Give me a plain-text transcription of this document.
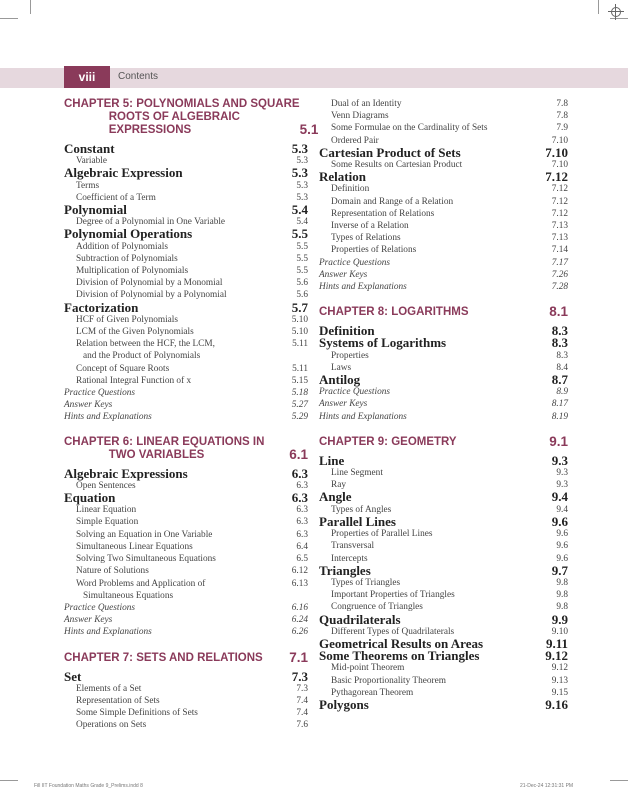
viii	Contents
CHAPTER 5: POLYNOMIALS AND SQUARE
ROOTS OF ALGEBRAIC
EXPRESSIONS	5.1
Constant	5.3
Variable	5.3
Algebraic Expression	5.3
Terms	5.3
Coefficient of a Term	5.3
Polynomial	5.4
Degree of a Polynomial in One Variable	5.4
Polynomial Operations	5.5
Addition of Polynomials	5.5
Subtraction of Polynomials	5.5
Multiplication of Polynomials	5.5
Division of Polynomial by a Monomial	5.6
Division of Polynomial by a Polynomial	5.6
Factorization	5.7
HCF of Given Polynomials	5.10
LCM of the Given Polynomials	5.10
Relation between the HCF, the LCM,
and the Product of Polynomials
5.11
Concept of Square Roots	5.11
Rational Integral Function of x	5.15
Practice Questions	5.18
Answer Keys	5.27
Hints and Explanations	5.29
CHAPTER 6: LINEAR EQUATIONS IN
TWO VARIABLES	6.1
Algebraic Expressions	6.3
Open Sentences	6.3
Equation	6.3
Linear Equation	6.3
Simple Equation	6.3
Solving an Equation in One Variable	6.3
Simultaneous Linear Equations	6.4
Solving Two Simultaneous Equations	6.5
Nature of Solutions	6.12
Word Problems and Application of
Simultaneous Equations
6.13
Practice Questions	6.16
Answer Keys	6.24
Hints and Explanations	6.26
CHAPTER 7: SETS AND RELATIONS 7.1
Set	7.3
Elements of a Set	7.3
Representation of Sets	7.4
Some Simple Definitions of Sets	7.4
Operations on Sets	7.6
Dual of an Identity	7.8
Venn Diagrams	7.8
Some Formulae on the Cardinality of Sets	7.9
Ordered Pair	7.10
Cartesian Product of Sets	7.10
Some Results on Cartesian Product	7.10
Relation	7.12
Definition	7.12
Domain and Range of a Relation	7.12
Representation of Relations	7.12
Inverse of a Relation	7.13
Types of Relations	7.13
Properties of Relations	7.14
Practice Questions	7.17
Answer Keys	7.26
Hints and Explanations	7.28
CHAPTER 8: LOGARITHMS	8.1
Definition	8.3
Systems of Logarithms	8.3
Properties	8.3
Laws	8.4
Antilog	8.7
Practice Questions	8.9
Answer Keys	8.17
Hints and Explanations	8.19
CHAPTER 9: GEOMETRY	9.1
Line	9.3
Line Segment	9.3
Ray	9.3
Angle	9.4
Types of Angles	9.4
Parallel Lines	9.6
Properties of Parallel Lines	9.6
Transversal	9.6
Intercepts	9.6
Triangles	9.7
Types of Triangles	9.8
Important Properties of Triangles	9.8
Congruence of Triangles	9.8
Quadrilaterals	9.9
Different Types of Quadrilaterals	9.10
Geometrical Results on Areas	9.11
Some Theorems on Triangles	9.12
Mid-point Theorem	9.12
Basic Proportionality Theorem	9.13
Pythagorean Theorem	9.15
Polygons	9.16
Fill IIT Foundation Maths Grade 9_Prelims.indd 8	21-Dec-24 12:31:31 PM
